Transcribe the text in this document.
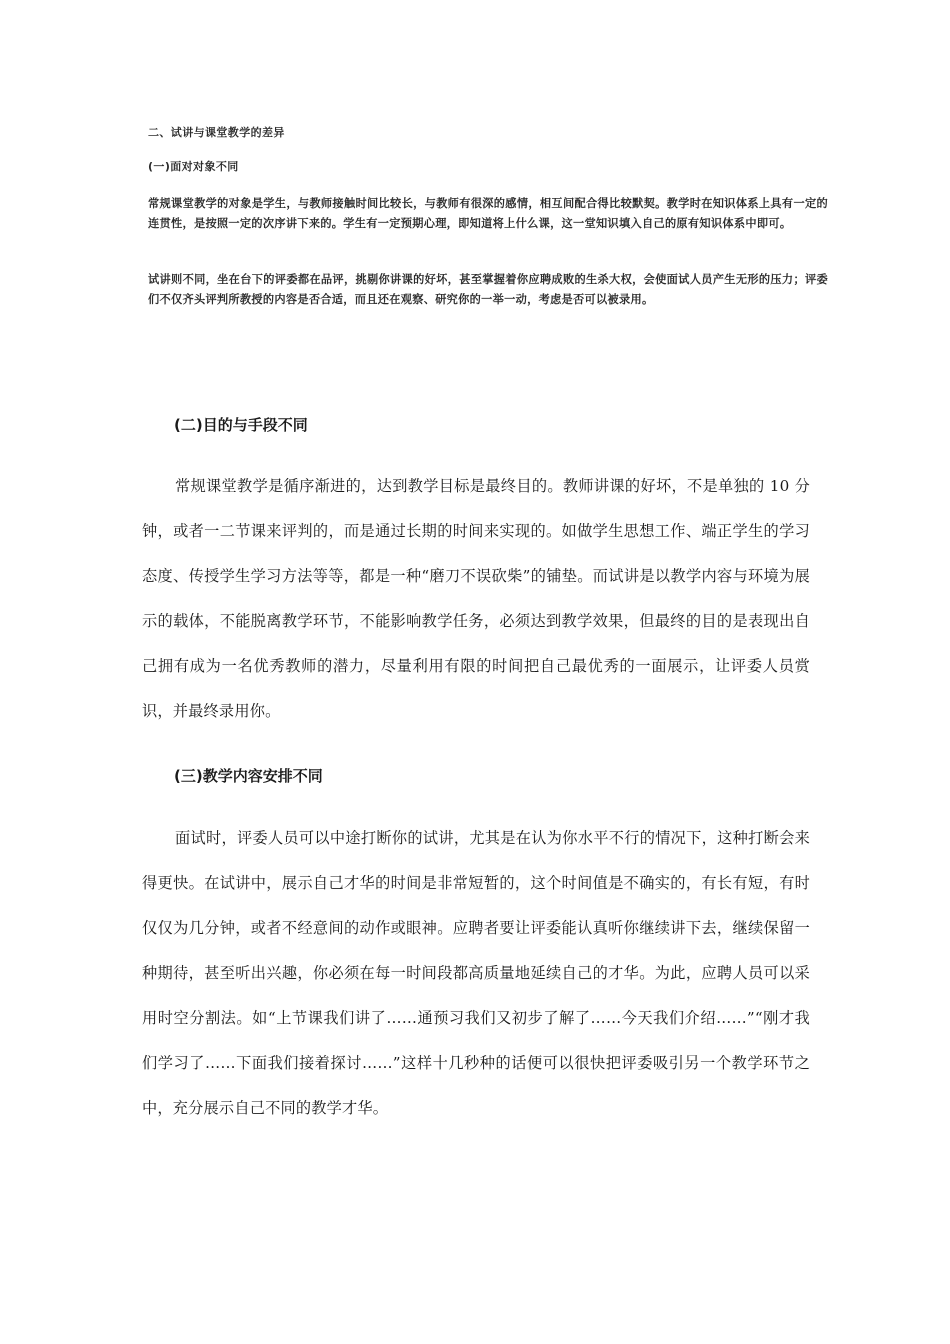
二、试讲与课堂教学的差异
(一)面对对象不同
常规课堂教学的对象是学生，与教师接触时间比较长，与教师有很深的感情，相互间配合得比较默契。教学时在知识体系上具有一定的连贯性，是按照一定的次序讲下来的。学生有一定预期心理，即知道将上什么课，这一堂知识填入自己的原有知识体系中即可。
试讲则不同，坐在台下的评委都在品评，挑剔你讲课的好坏，甚至掌握着你应聘成败的生杀大权，会使面试人员产生无形的压力；评委们不仅齐头评判所教授的内容是否合适，而且还在观察、研究你的一举一动，考虑是否可以被录用。
(二)目的与手段不同
常规课堂教学是循序渐进的，达到教学目标是最终目的。教师讲课的好坏，不是单独的 10 分钟，或者一二节课来评判的，而是通过长期的时间来实现的。如做学生思想工作、端正学生的学习态度、传授学生学习方法等等，都是一种“磨刀不误砍柴”的铺垫。而试讲是以教学内容与环境为展示的载体，不能脱离教学环节，不能影响教学任务，必须达到教学效果，但最终的目的是表现出自己拥有成为一名优秀教师的潜力，尽量利用有限的时间把自己最优秀的一面展示，让评委人员赏识，并最终录用你。
(三)教学内容安排不同
面试时，评委人员可以中途打断你的试讲，尤其是在认为你水平不行的情况下，这种打断会来得更快。在试讲中，展示自己才华的时间是非常短暂的，这个时间值是不确实的，有长有短，有时仅仅为几分钟，或者不经意间的动作或眼神。应聘者要让评委能认真听你继续讲下去，继续保留一种期待，甚至听出兴趣，你必须在每一时间段都高质量地延续自己的才华。为此，应聘人员可以采用时空分割法。如“上节课我们讲了……通预习我们又初步了解了……今天我们介绍……”“刚才我们学习了……下面我们接着探讨……”这样十几秒种的话便可以很快把评委吸引另一个教学环节之中，充分展示自己不同的教学才华。
